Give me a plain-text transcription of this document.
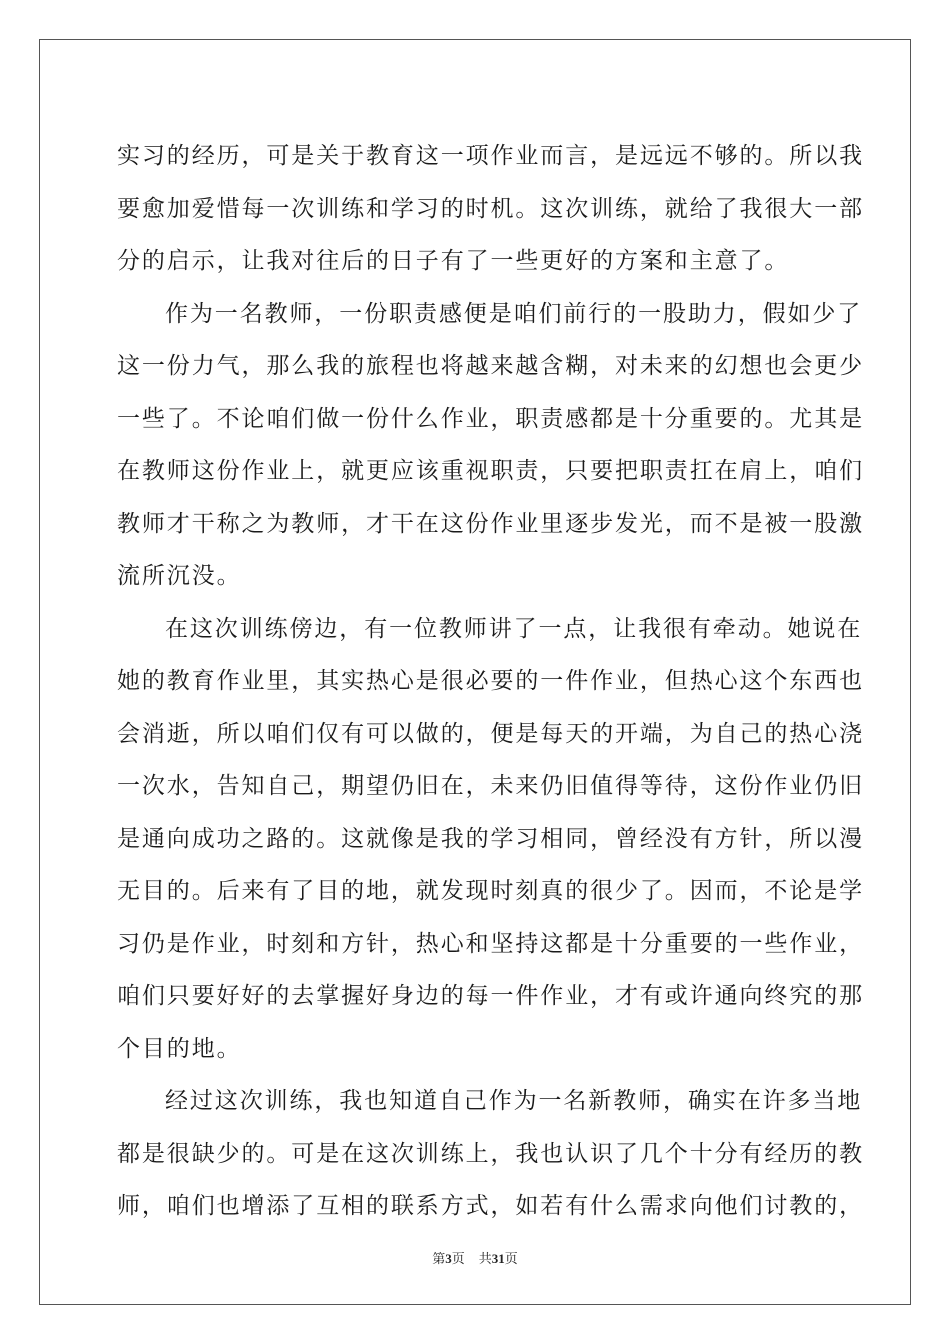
实习的经历，可是关于教育这一项作业而言，是远远不够的。所以我
要愈加爱惜每一次训练和学习的时机。这次训练，就给了我很大一部
分的启示，让我对往后的日子有了一些更好的方案和主意了。
作为一名教师，一份职责感便是咱们前行的一股助力，假如少了
这一份力气，那么我的旅程也将越来越含糊，对未来的幻想也会更少
一些了。不论咱们做一份什么作业，职责感都是十分重要的。尤其是
在教师这份作业上，就更应该重视职责，只要把职责扛在肩上，咱们
教师才干称之为教师，才干在这份作业里逐步发光，而不是被一股激
流所沉没。
在这次训练傍边，有一位教师讲了一点，让我很有牵动。她说在
她的教育作业里，其实热心是很必要的一件作业，但热心这个东西也
会消逝，所以咱们仅有可以做的，便是每天的开端，为自己的热心浇
一次水，告知自己，期望仍旧在，未来仍旧值得等待，这份作业仍旧
是通向成功之路的。这就像是我的学习相同，曾经没有方针，所以漫
无目的。后来有了目的地，就发现时刻真的很少了。因而，不论是学
习仍是作业，时刻和方针，热心和坚持这都是十分重要的一些作业，
咱们只要好好的去掌握好身边的每一件作业，才有或许通向终究的那
个目的地。
经过这次训练，我也知道自己作为一名新教师，确实在许多当地
都是很缺少的。可是在这次训练上，我也认识了几个十分有经历的教
师，咱们也增添了互相的联系方式，如若有什么需求向他们讨教的，
第3页 共31页
